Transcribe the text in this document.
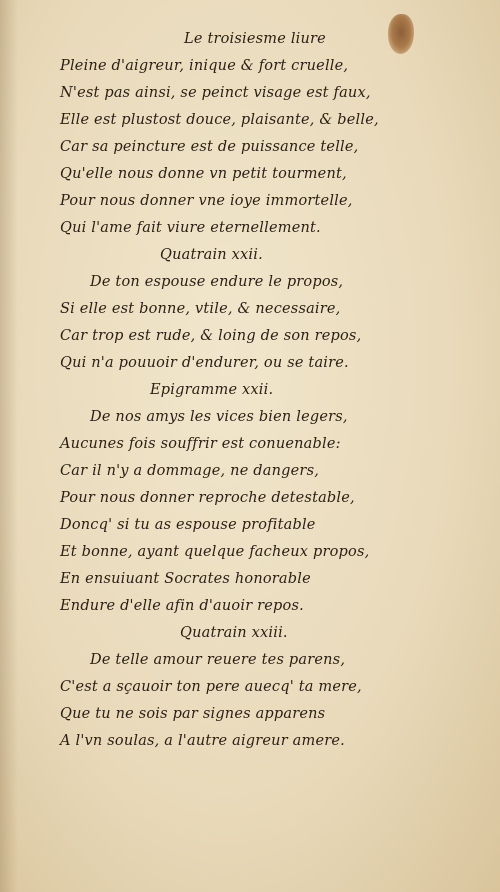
Le troisiesme liure
Pleine d'aigreur, inique & fort cruelle,
N'est pas ainsi, se peinct visage est faux,
Elle est plustost douce, plaisante, & belle,
Car sa peincture est de puissance telle,
Qu'elle nous donne vn petit tourment,
Pour nous donner vne ioye immortelle,
Qui l'ame fait viure eternellement.
Quatrain xxii.
De ton espouse endure le propos,
Si elle est bonne, vtile, & necessaire,
Car trop est rude, & loing de son repos,
Qui n'a pouuoir d'endurer, ou se taire.
Epigramme xxii.
De nos amys les vices bien legers,
Aucunes fois souffrir est conuenable:
Car il n'y a dommage, ne dangers,
Pour nous donner reproche detestable,
Doncq' si tu as espouse profitable
Et bonne, ayant quelque facheux propos,
En ensuiuant Socrates honorable
Endure d'elle afin d'auoir repos.
Quatrain xxiii.
De telle amour reuere tes parens,
C'est a sçauoir ton pere auecq' ta mere,
Que tu ne sois par signes apparens
A l'vn soulas, a l'autre aigreur amere.
